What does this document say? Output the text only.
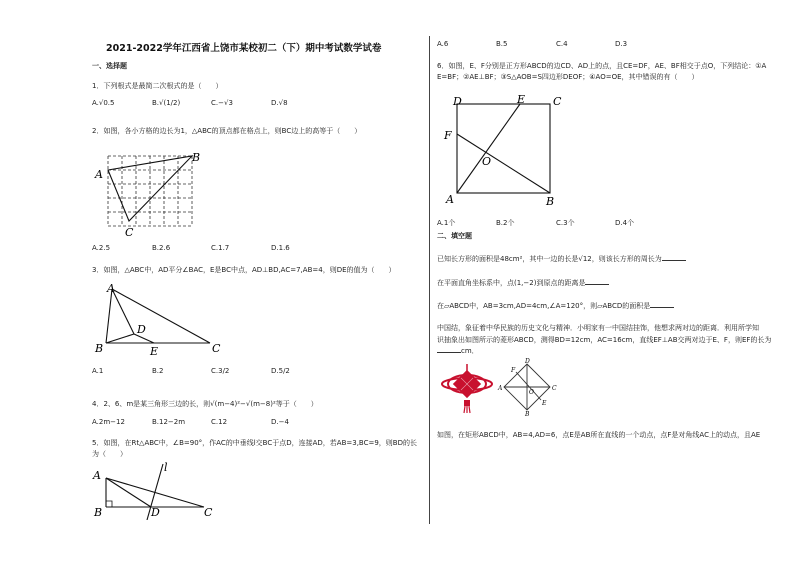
2021-2022学年江西省上饶市某校初二（下）期中考试数学试卷
一、选择题
1．下列根式是最简二次根式的是（　　）
A.√0.5	B.√(1/2)	C.−√3	D.√8
2．如图，各小方格的边长为1，△ABC的顶点都在格点上，则BC边上的高等于（　　）
A
B
C
A.2.5	B.2.6	C.1.7	D.1.6
3．如图，△ABC中，AD平分∠BAC，E是BC中点，AD⊥BD,AC=7,AB=4，则DE的值为（　　）
A
B	C
D
E
A.1	B.2	C.3/2	D.5/2
4．2、6、m是某三角形三边的长，则√(m−4)²−√(m−8)²等于（　　）
A.2m−12	B.12−2m	C.12	D.−4
5．如图，在Rt△ABC中，∠B=90°，作AC的中垂线l交BC于点D，连接AD，若AB=3,BC=9，则BD的长
为（　　）
A
B	C
D
l
A.6	B.5	C.4	D.3
6．如图，E、F分别是正方形ABCD的边CD、AD上的点，且CE=DF，AE、BF相交于点O，下列结论：①A
E=BF；②AE⊥BF；③S△AOB=S四边形DEOF；④AO=OE，其中错误的有（　　）
D	E	C
F
O
A	B
A.1个	B.2个	C.3个	D.4个
二、填空题
已知长方形的面积是48cm²，其中一边的长是√12，则该长方形的周长为
在平面直角坐标系中，点(1,−2)到原点的距离是
在▱ABCD中，AB=3cm,AD=4cm,∠A=120°，则▱ABCD的面积是
中国结，象征着中华民族的历史文化与精神．小明家有一中国结挂饰，他想求两对边的距离．利用所学知
识抽象出如图所示的菱形ABCD，测得BD=12cm，AC=16cm，直线EF⊥AB交两对边于E、F，则EF的长为
cm．
A	C
D
B
F
E
O
如图，在矩形ABCD中，AB=4,AD=6，点E是AB所在直线的一个动点，点F是对角线AC上的动点，且AE
